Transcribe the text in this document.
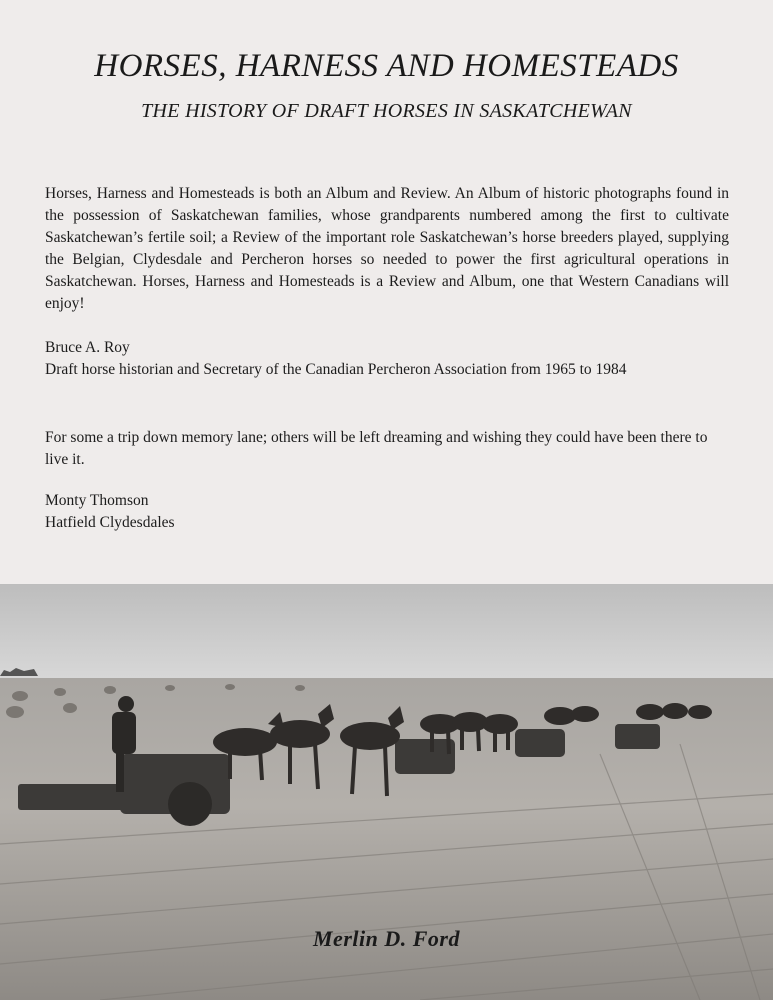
HORSES, HARNESS AND HOMESTEADS
THE HISTORY OF DRAFT HORSES IN SASKATCHEWAN

Horses, Harness and Homesteads is both an Album and Review. An Album of historic photographs found in the possession of Saskatchewan families, whose grandparents numbered among the first to cultivate Saskatchewan’s fertile soil; a Review of the important role Saskatchewan’s horse breeders played, supplying the Belgian, Clydesdale and Percheron horses so needed to power the first agricultural operations in Saskatchewan. Horses, Harness and Homesteads is a Review and Album, one that Western Canadians will enjoy!

Bruce A. Roy
Draft horse historian and Secretary of the Canadian Percheron Association from 1965 to 1984

For some a trip down memory lane; others will be left dreaming and wishing they could have been there to live it.

Monty Thomson
Hatfield Clydesdales
Merlin D. Ford
